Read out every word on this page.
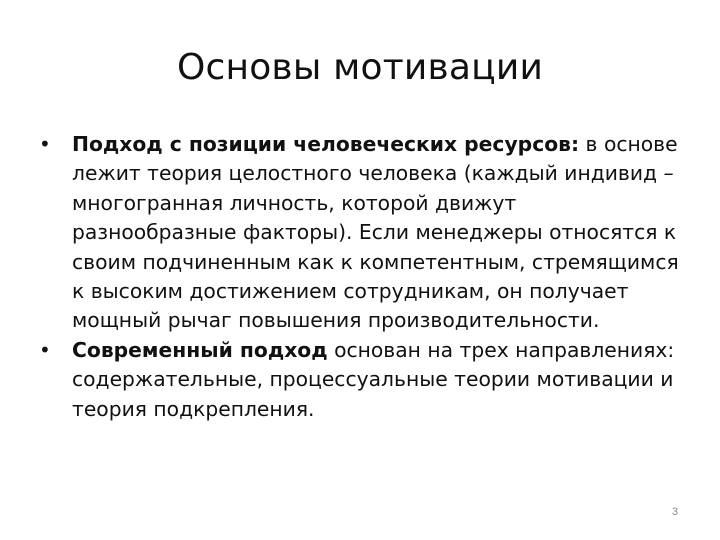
Основы мотивации
• Подход с позиции человеческих ресурсов: в основе лежит теория целостного человека (каждый индивид – многогранная личность, которой движут разнообразные факторы). Если менеджеры относятся к своим подчиненным как к компетентным, стремящимся к высоким достижением сотрудникам, он получает мощный рычаг повышения производительности.
• Современный подход основан на трех направлениях: содержательные, процессуальные теории мотивации и теория подкрепления.
3
